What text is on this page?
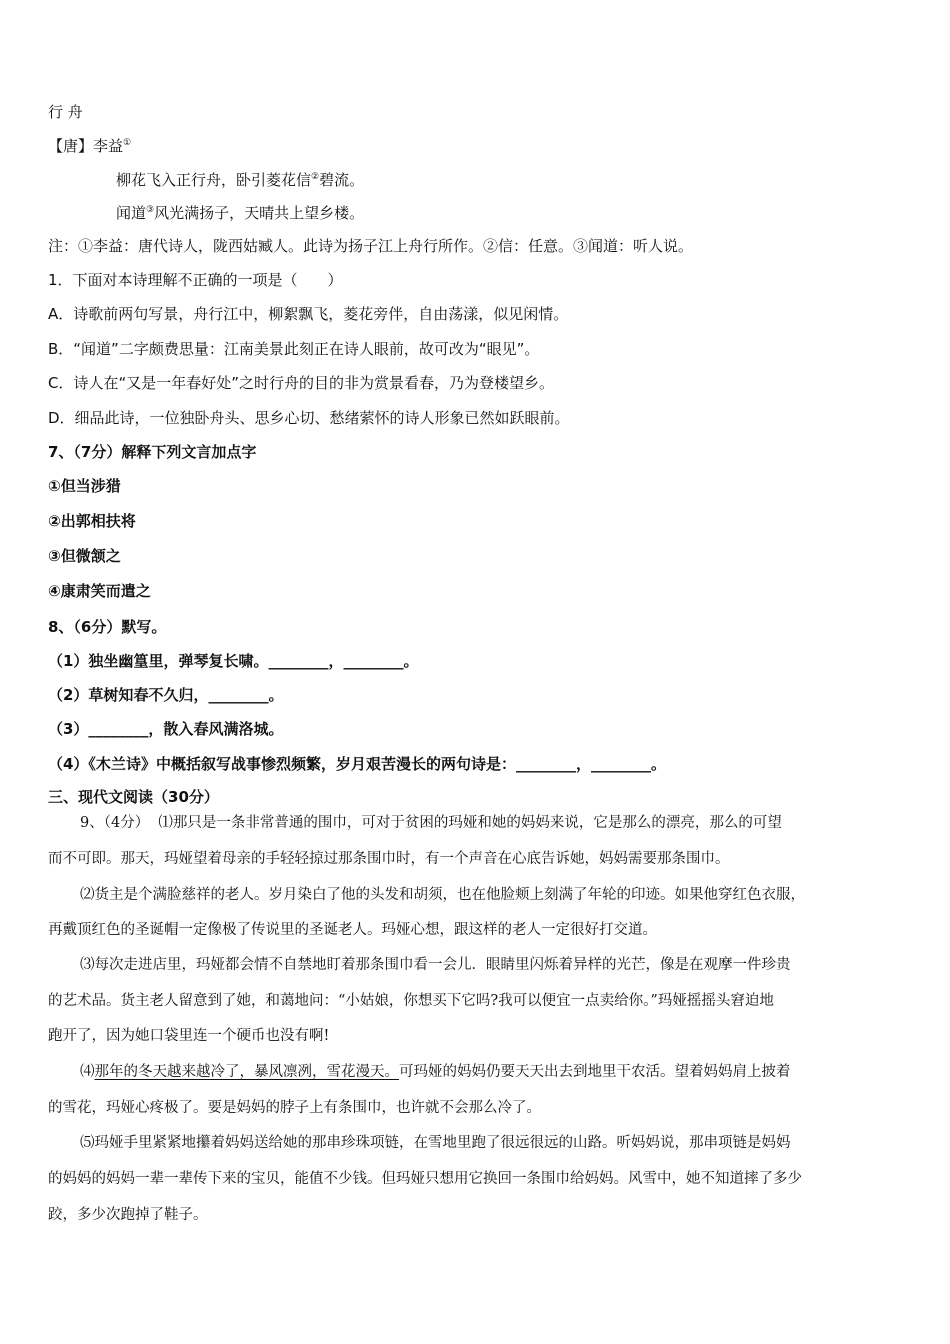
行 舟
【唐】李益①
柳花飞入正行舟，卧引菱花信②碧流。
闻道③风光满扬子，天晴共上望乡楼。
注：①李益：唐代诗人，陇西姑臧人。此诗为扬子江上舟行所作。②信：任意。③闻道：听人说。
1．下面对本诗理解不正确的一项是（　　）
A．诗歌前两句写景，舟行江中，柳絮飘飞，菱花旁伴，自由荡漾，似见闲情。
B．“闻道”二字颇费思量：江南美景此刻正在诗人眼前，故可改为“眼见”。
C．诗人在“又是一年春好处”之时行舟的目的非为赏景看春，乃为登楼望乡。
D．细品此诗，一位独卧舟头、思乡心切、愁绪萦怀的诗人形象已然如跃眼前。
7、（7分）解释下列文言加点字
①但当涉猎
②出郭相扶将
③但微颔之
④康肃笑而遣之
8、（6分）默写。
（1）独坐幽篁里，弹琴复长啸。________，________。
（2）草树知春不久归，________。
（3）________，散入春风满洛城。
（4）《木兰诗》中概括叙写战事惨烈频繁，岁月艰苦漫长的两句诗是：________，________。
三、现代文阅读（30分）
9、（4分） ⑴那只是一条非常普通的围巾，可对于贫困的玛娅和她的妈妈来说，它是那么的漂亮，那么的可望
而不可即。那天，玛娅望着母亲的手轻轻掠过那条围巾时，有一个声音在心底告诉她，妈妈需要那条围巾。
⑵货主是个满脸慈祥的老人。岁月染白了他的头发和胡须，也在他脸颊上刻满了年轮的印迹。如果他穿红色衣服，
再戴顶红色的圣诞帽一定像极了传说里的圣诞老人。玛娅心想，跟这样的老人一定很好打交道。
⑶每次走进店里，玛娅都会情不自禁地盯着那条围巾看一会儿．眼睛里闪烁着异样的光芒，像是在观摩一件珍贵
的艺术品。货主老人留意到了她，和蔼地问：“小姑娘，你想买下它吗?我可以便宜一点卖给你。”玛娅摇摇头窘迫地
跑开了，因为她口袋里连一个硬币也没有啊!
⑷那年的冬天越来越冷了，暴风凛冽，雪花漫天。可玛娅的妈妈仍要天天出去到地里干农活。望着妈妈肩上披着
的雪花，玛娅心疼极了。要是妈妈的脖子上有条围巾，也许就不会那么冷了。
⑸玛娅手里紧紧地攥着妈妈送给她的那串珍珠项链，在雪地里跑了很远很远的山路。听妈妈说，那串项链是妈妈
的妈妈的妈妈一辈一辈传下来的宝贝，能值不少钱。但玛娅只想用它换回一条围巾给妈妈。风雪中，她不知道摔了多少
跤，多少次跑掉了鞋子。
